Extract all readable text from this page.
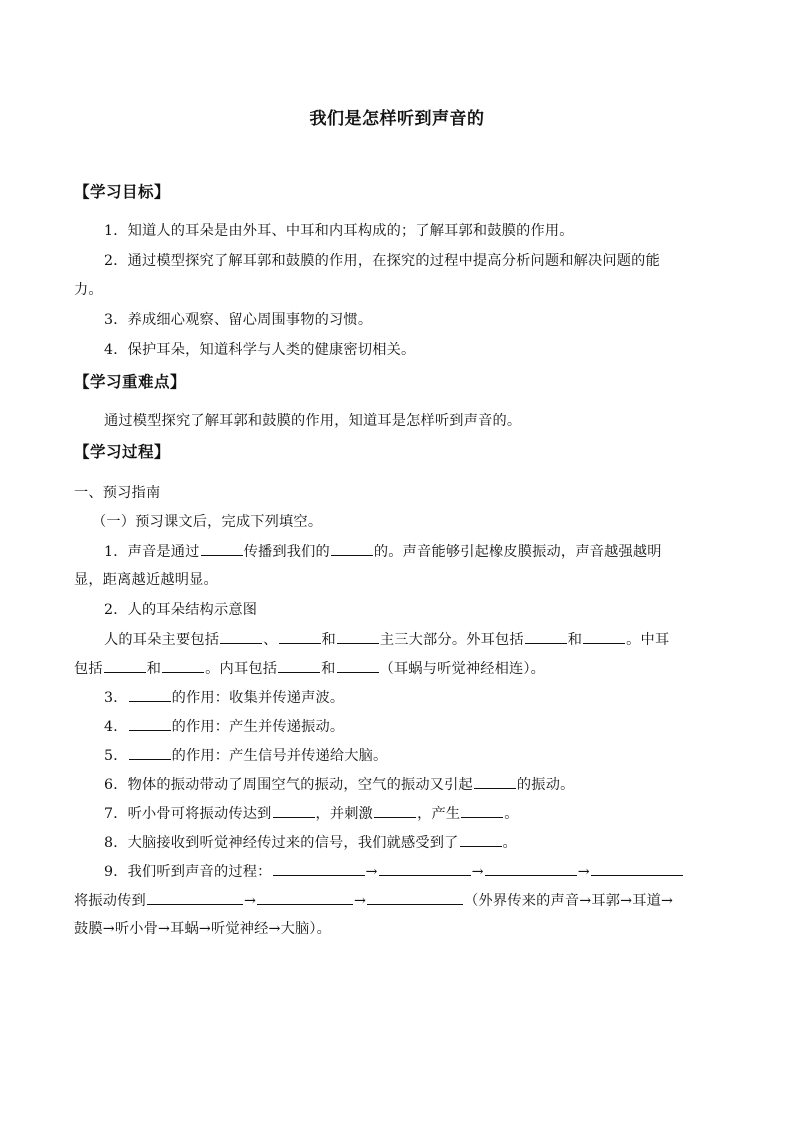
我们是怎样听到声音的
【学习目标】
1．知道人的耳朵是由外耳、中耳和内耳构成的；了解耳郭和鼓膜的作用。
2．通过模型探究了解耳郭和鼓膜的作用，在探究的过程中提高分析问题和解决问题的能
力。
3．养成细心观察、留心周围事物的习惯。
4．保护耳朵，知道科学与人类的健康密切相关。
【学习重难点】
通过模型探究了解耳郭和鼓膜的作用，知道耳是怎样听到声音的。
【学习过程】
一、预习指南
（一）预习课文后，完成下列填空。
1．声音是通过	传播到我们的	的。声音能够引起橡皮膜振动，声音越强越明
显，距离越近越明显。
2．人的耳朵结构示意图
人的耳朵主要包括	、	和	主三大部分。外耳包括	和	。中耳
包括	和	。内耳包括	和	（耳蜗与听觉神经相连）。
3．	的作用：收集并传递声波。
4．	的作用：产生并传递振动。
5．	的作用：产生信号并传递给大脑。
6．物体的振动带动了周围空气的振动，空气的振动又引起	的振动。
7．听小骨可将振动传达到	，并刺激	，产生	。
8．大脑接收到听觉神经传过来的信号，我们就感受到了	。
9．我们听到声音的过程：	→	→	→
将振动传到	→	→	（外界传来的声音→耳郭→耳道→
鼓膜→听小骨→耳蜗→听觉神经→大脑）。
